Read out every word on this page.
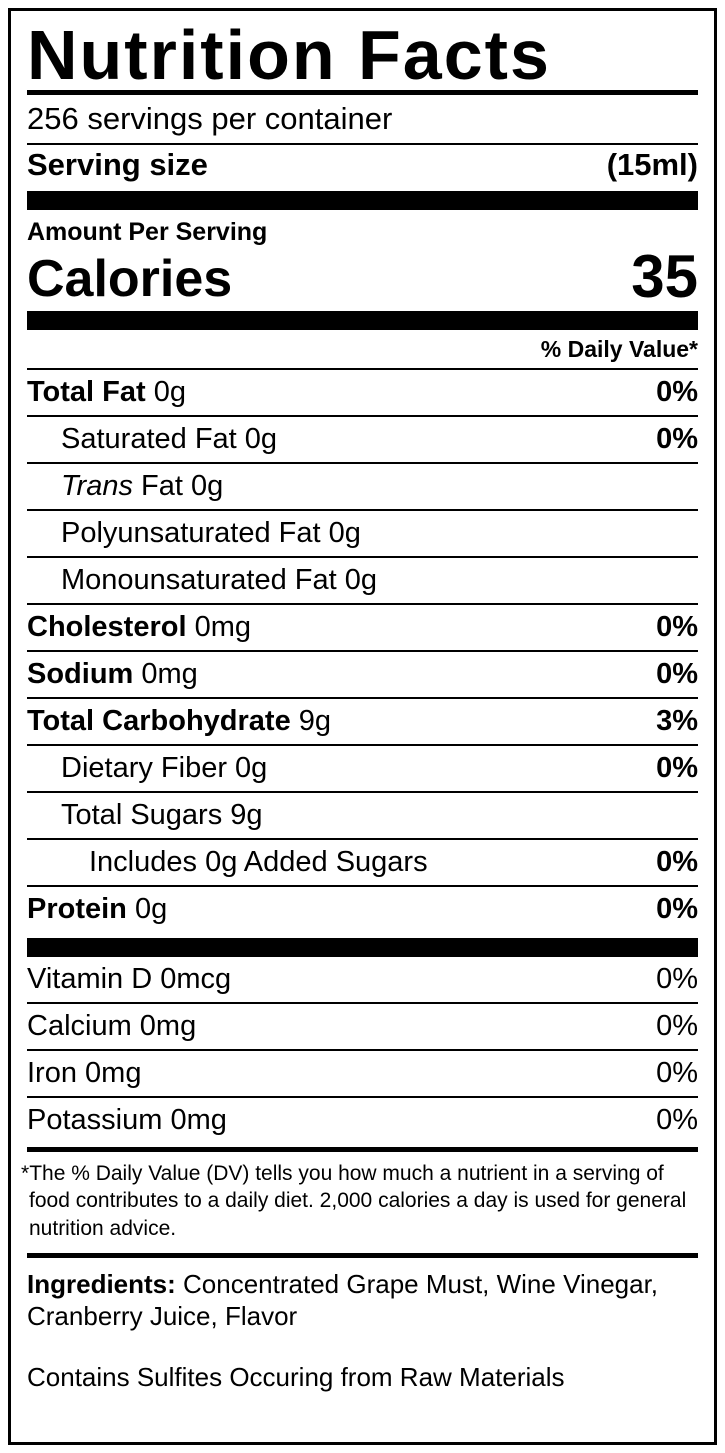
Nutrition Facts
256 servings per container
Serving size	(15ml)
Amount Per Serving
Calories	35
% Daily Value*
Total Fat 0g	0%
Saturated Fat 0g	0%
Trans Fat 0g
Polyunsaturated Fat 0g
Monounsaturated Fat 0g
Cholesterol 0mg	0%
Sodium 0mg	0%
Total Carbohydrate 9g	3%
Dietary Fiber 0g	0%
Total Sugars 9g
Includes 0g Added Sugars	0%
Protein 0g	0%
Vitamin D 0mcg	0%
Calcium 0mg	0%
Iron 0mg	0%
Potassium 0mg	0%
*The % Daily Value (DV) tells you how much a nutrient in a serving of food contributes to a daily diet. 2,000 calories a day is used for general nutrition advice.
Ingredients: Concentrated Grape Must, Wine Vinegar, Cranberry Juice, Flavor
Contains Sulfites Occuring from Raw Materials
